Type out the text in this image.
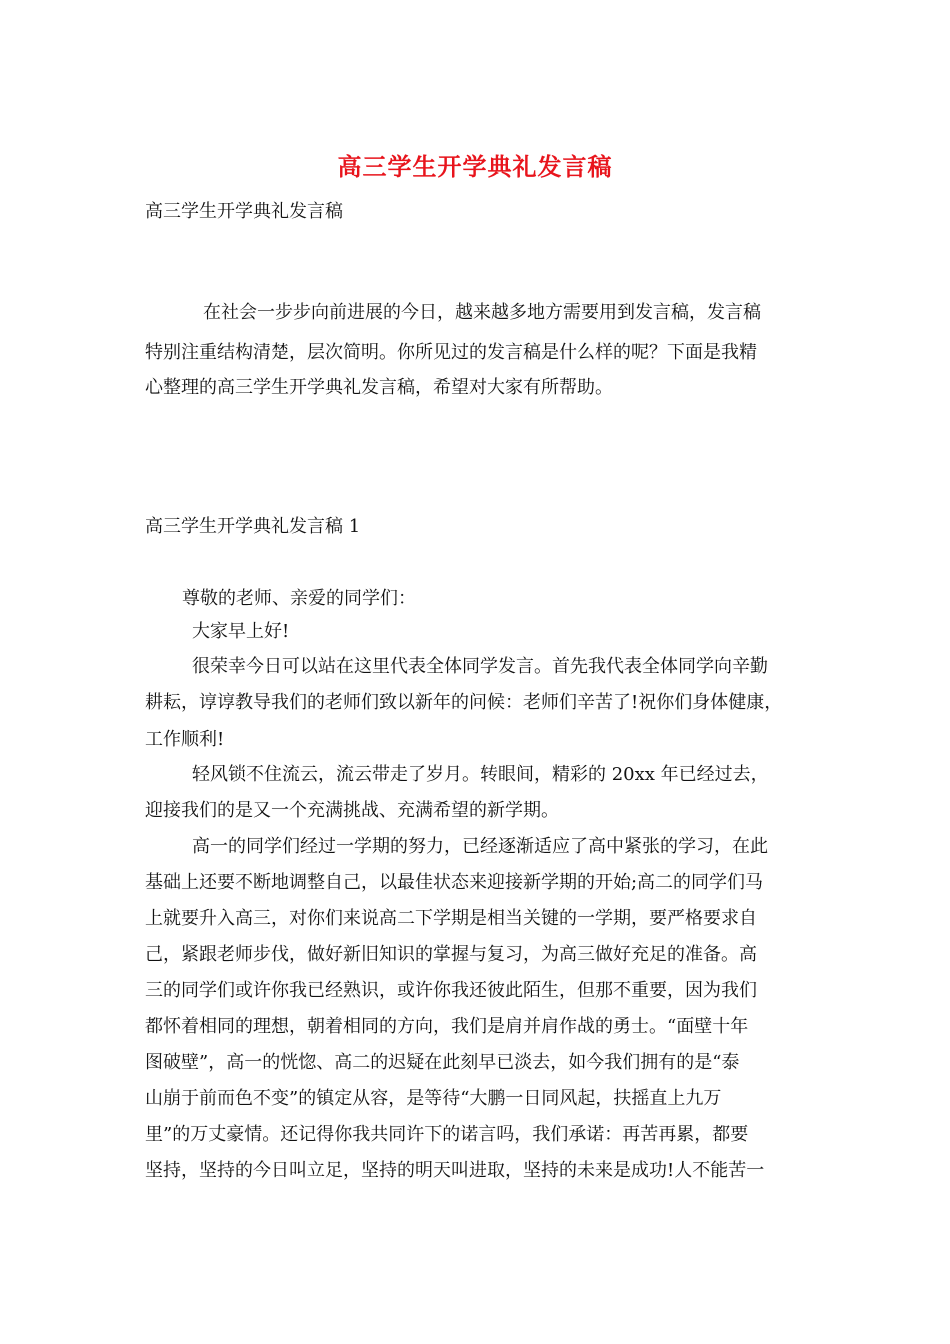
高三学生开学典礼发言稿
高三学生开学典礼发言稿
在社会一步步向前进展的今日，越来越多地方需要用到发言稿，发言稿
特别注重结构清楚，层次简明。你所见过的发言稿是什么样的呢？下面是我精
心整理的高三学生开学典礼发言稿，希望对大家有所帮助。
高三学生开学典礼发言稿 1
尊敬的老师、亲爱的同学们：
大家早上好!
很荣幸今日可以站在这里代表全体同学发言。首先我代表全体同学向辛勤
耕耘，谆谆教导我们的老师们致以新年的问候：老师们辛苦了!祝你们身体健康，
工作顺利!
轻风锁不住流云，流云带走了岁月。转眼间，精彩的 20xx 年已经过去，
迎接我们的是又一个充满挑战、充满希望的新学期。
高一的同学们经过一学期的努力，已经逐渐适应了高中紧张的学习，在此
基础上还要不断地调整自己，以最佳状态来迎接新学期的开始;高二的同学们马
上就要升入高三，对你们来说高二下学期是相当关键的一学期，要严格要求自
己，紧跟老师步伐，做好新旧知识的掌握与复习，为高三做好充足的准备。高
三的同学们或许你我已经熟识，或许你我还彼此陌生，但那不重要，因为我们
都怀着相同的理想，朝着相同的方向，我们是肩并肩作战的勇士。“面壁十年
图破壁”，高一的恍惚、高二的迟疑在此刻早已淡去，如今我们拥有的是“泰
山崩于前而色不变”的镇定从容，是等待“大鹏一日同风起，扶摇直上九万
里”的万丈豪情。还记得你我共同许下的诺言吗，我们承诺：再苦再累，都要
坚持，坚持的今日叫立足，坚持的明天叫进取，坚持的未来是成功!人不能苦一
